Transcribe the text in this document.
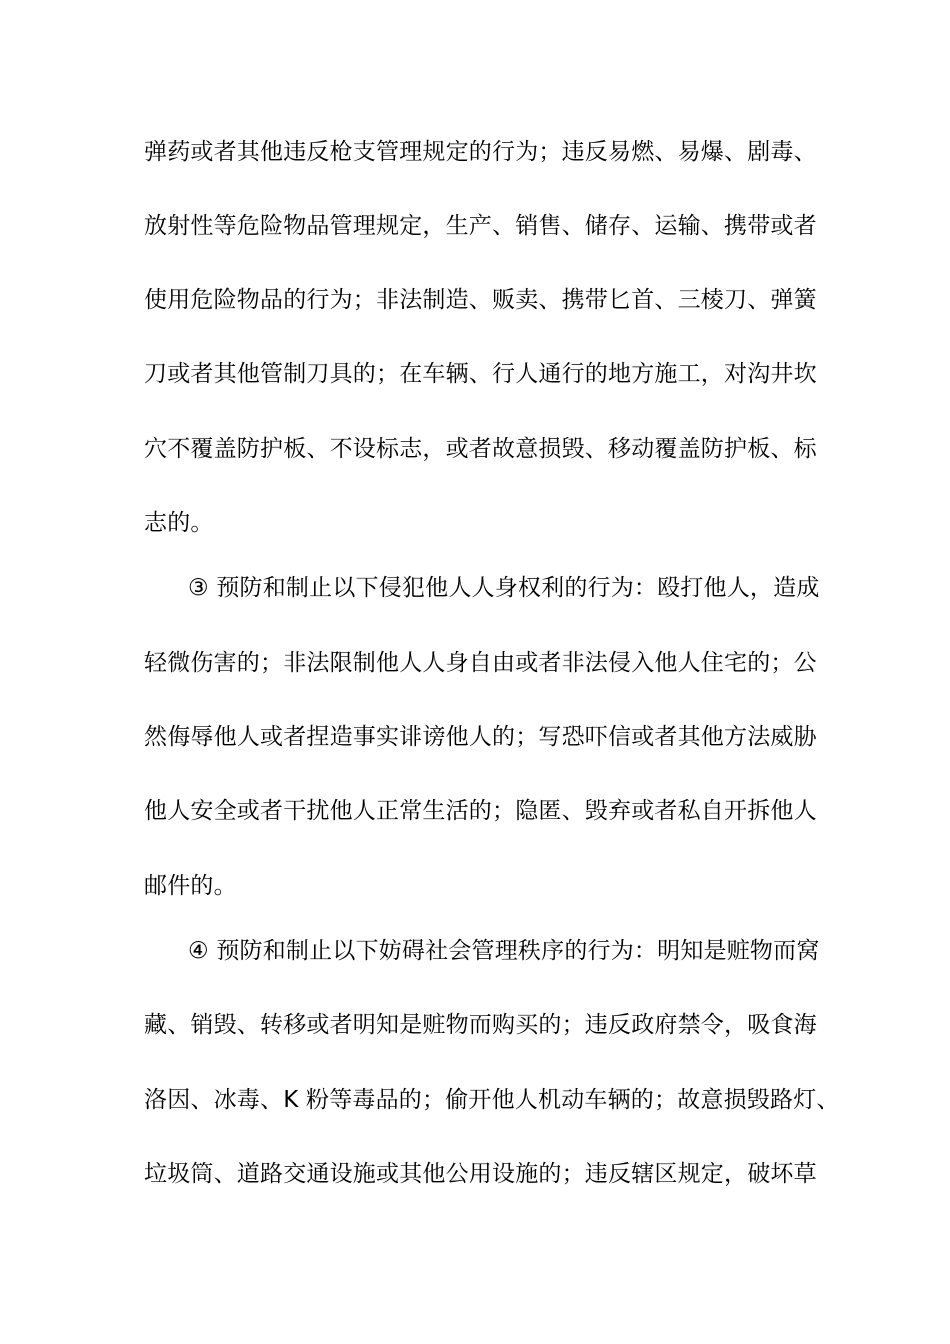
弹药或者其他违反枪支管理规定的行为；违反易燃、易爆、剧毒、
放射性等危险物品管理规定，生产、销售、储存、运输、携带或者
使用危险物品的行为；非法制造、贩卖、携带匕首、三棱刀、弹簧
刀或者其他管制刀具的；在车辆、行人通行的地方施工，对沟井坎
穴不覆盖防护板、不设标志，或者故意损毁、移动覆盖防护板、标
志的。
③ 预防和制止以下侵犯他人人身权利的行为：殴打他人，造成
轻微伤害的；非法限制他人人身自由或者非法侵入他人住宅的；公
然侮辱他人或者捏造事实诽谤他人的；写恐吓信或者其他方法威胁
他人安全或者干扰他人正常生活的；隐匿、毁弃或者私自开拆他人
邮件的。
④ 预防和制止以下妨碍社会管理秩序的行为：明知是赃物而窝
藏、销毁、转移或者明知是赃物而购买的；违反政府禁令，吸食海
洛因、冰毒、K 粉等毒品的；偷开他人机动车辆的；故意损毁路灯、
垃圾筒、道路交通设施或其他公用设施的；违反辖区规定，破坏草
